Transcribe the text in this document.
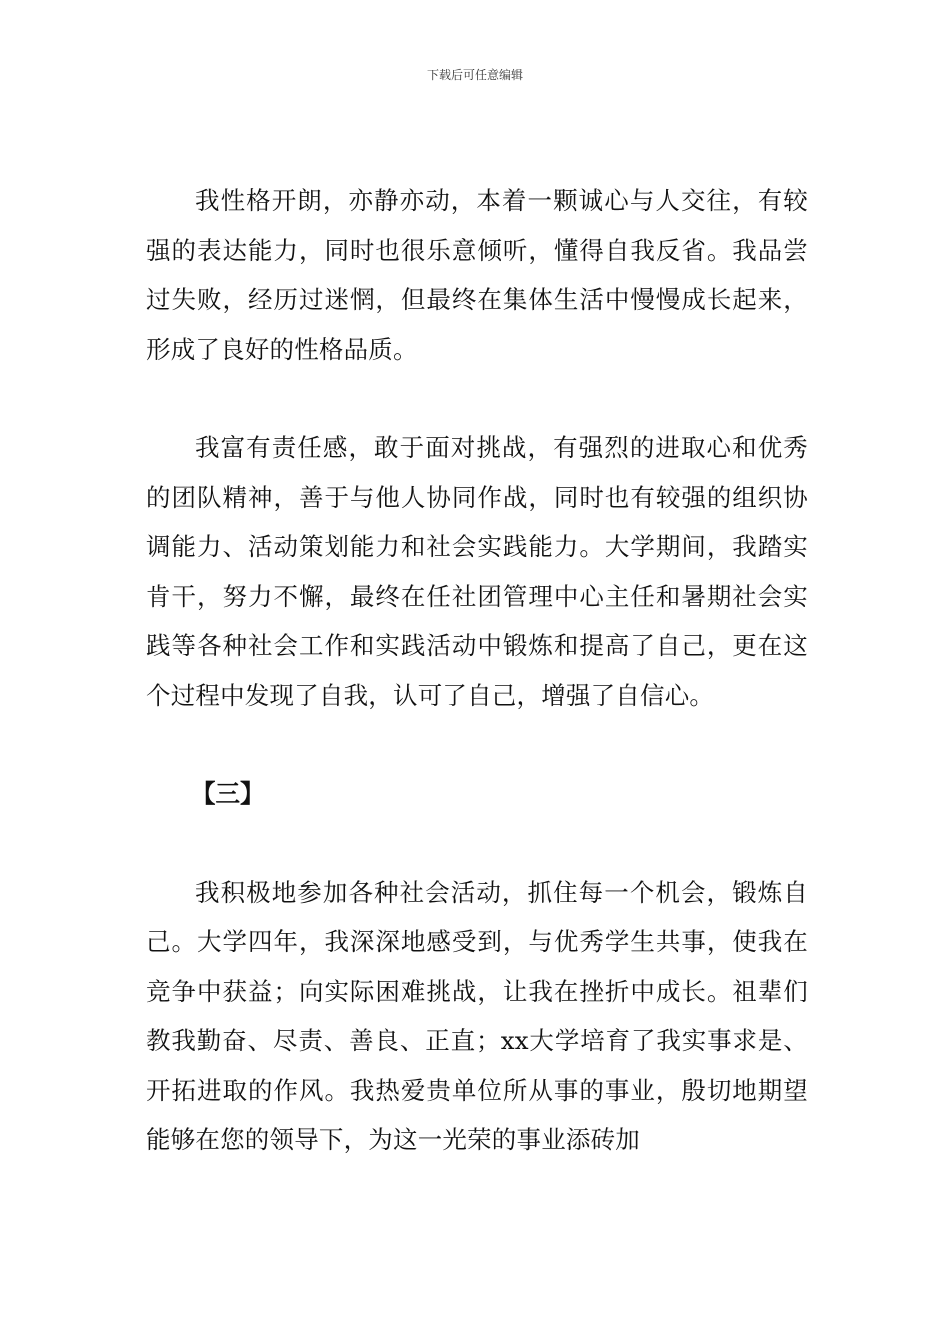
下载后可任意编辑

我性格开朗，亦静亦动，本着一颗诚心与人交往，有较强的表达能力，同时也很乐意倾听，懂得自我反省。我品尝过失败，经历过迷惘，但最终在集体生活中慢慢成长起来，形成了良好的性格品质。

我富有责任感，敢于面对挑战，有强烈的进取心和优秀的团队精神，善于与他人协同作战，同时也有较强的组织协调能力、活动策划能力和社会实践能力。大学期间，我踏实肯干，努力不懈，最终在任社团管理中心主任和暑期社会实践等各种社会工作和实践活动中锻炼和提高了自己，更在这个过程中发现了自我，认可了自己，增强了自信心。

【三】

我积极地参加各种社会活动，抓住每一个机会，锻炼自己。大学四年，我深深地感受到，与优秀学生共事，使我在竞争中获益；向实际困难挑战，让我在挫折中成长。祖辈们教我勤奋、尽责、善良、正直；xx大学培育了我实事求是、开拓进取的作风。我热爱贵单位所从事的事业，殷切地期望能够在您的领导下，为这一光荣的事业添砖加
